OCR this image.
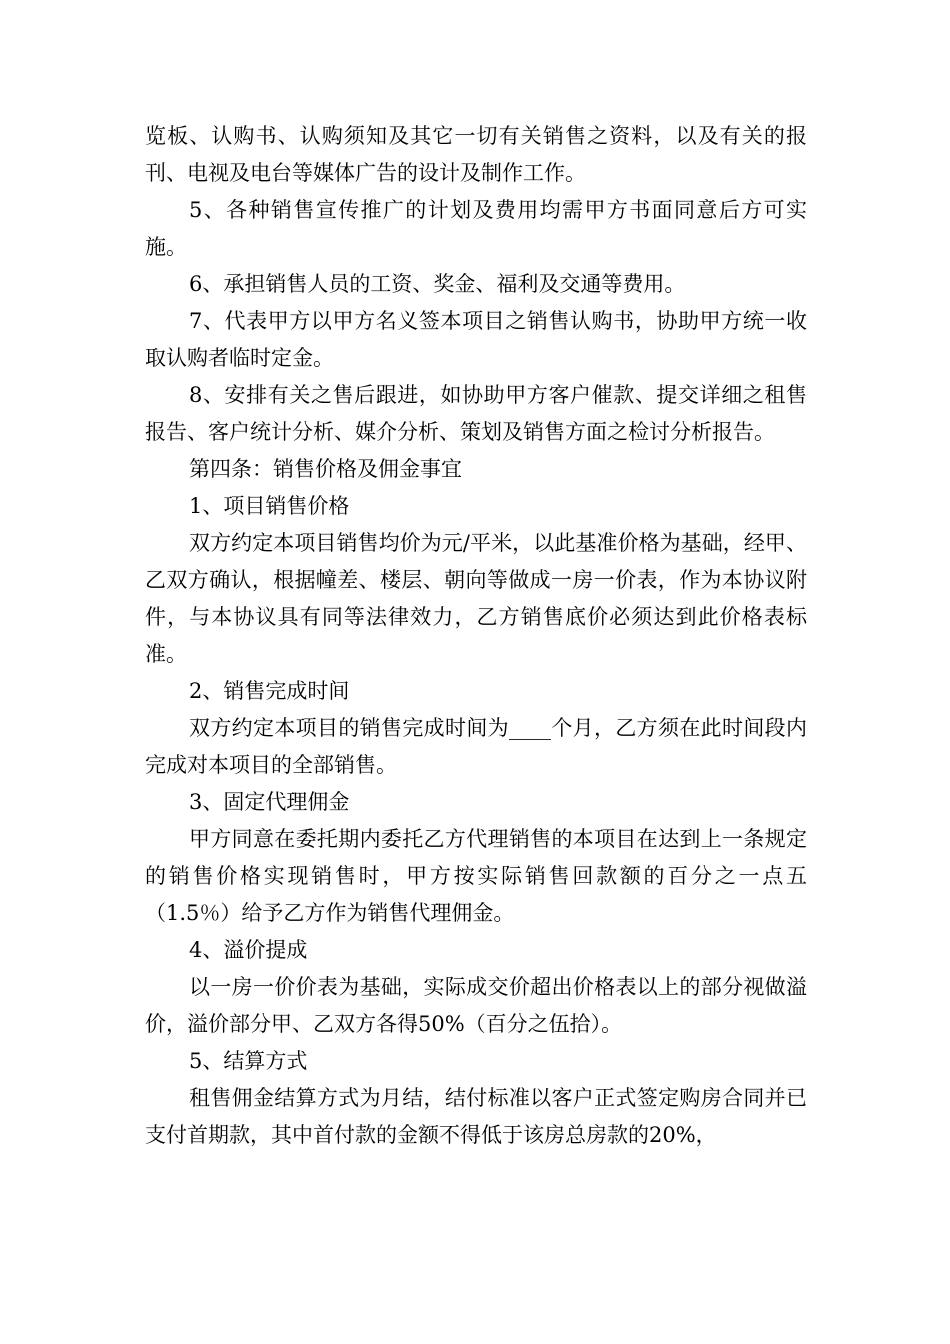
览板、认购书、认购须知及其它一切有关销售之资料，以及有关的报刊、电视及电台等媒体广告的设计及制作工作。

5、各种销售宣传推广的计划及费用均需甲方书面同意后方可实施。

6、承担销售人员的工资、奖金、福利及交通等费用。

7、代表甲方以甲方名义签本项目之销售认购书，协助甲方统一收取认购者临时定金。

8、安排有关之售后跟进，如协助甲方客户催款、提交详细之租售报告、客户统计分析、媒介分析、策划及销售方面之检讨分析报告。

第四条：销售价格及佣金事宜

1、项目销售价格

双方约定本项目销售均价为元/平米，以此基准价格为基础，经甲、乙双方确认，根据幢差、楼层、朝向等做成一房一价表，作为本协议附件，与本协议具有同等法律效力，乙方销售底价必须达到此价格表标准。

2、销售完成时间

双方约定本项目的销售完成时间为____个月，乙方须在此时间段内完成对本项目的全部销售。

3、固定代理佣金

甲方同意在委托期内委托乙方代理销售的本项目在达到上一条规定的销售价格实现销售时，甲方按实际销售回款额的百分之一点五（1.5％）给予乙方作为销售代理佣金。

4、溢价提成

以一房一价价表为基础，实际成交价超出价格表以上的部分视做溢价，溢价部分甲、乙双方各得50%（百分之伍拾）。

5、结算方式

租售佣金结算方式为月结，结付标准以客户正式签定购房合同并已支付首期款，其中首付款的金额不得低于该房总房款的20%，
